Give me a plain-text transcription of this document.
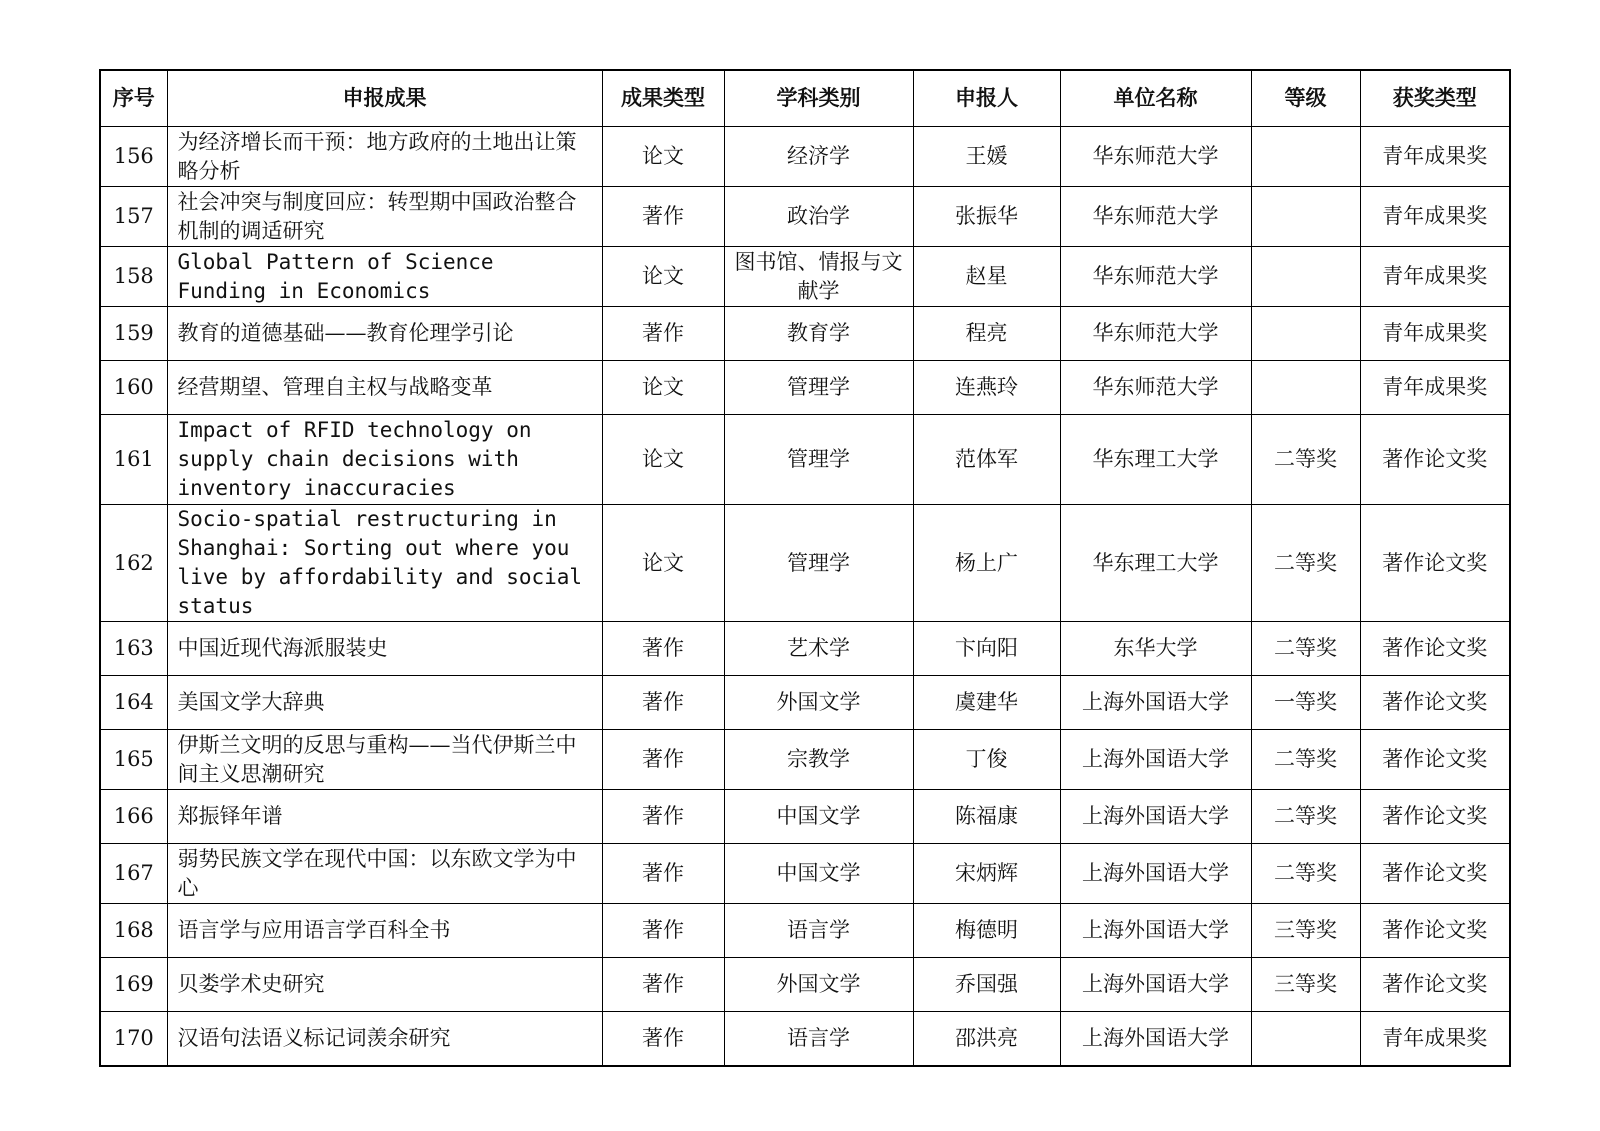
序号	申报成果	成果类型	学科类别	申报人	单位名称	等级	获奖类型
156	为经济增长而干预：地方政府的土地出让策略分析	论文	经济学	王媛	华东师范大学		青年成果奖
157	社会冲突与制度回应：转型期中国政治整合机制的调适研究	著作	政治学	张振华	华东师范大学		青年成果奖
158	Global Pattern of Science Funding in Economics	论文	图书馆、情报与文献学	赵星	华东师范大学		青年成果奖
159	教育的道德基础——教育伦理学引论	著作	教育学	程亮	华东师范大学		青年成果奖
160	经营期望、管理自主权与战略变革	论文	管理学	连燕玲	华东师范大学		青年成果奖
161	Impact of RFID technology on supply chain decisions with inventory inaccuracies	论文	管理学	范体军	华东理工大学	二等奖	著作论文奖
162	Socio-spatial restructuring in Shanghai: Sorting out where you live by affordability and social status	论文	管理学	杨上广	华东理工大学	二等奖	著作论文奖
163	中国近现代海派服装史	著作	艺术学	卞向阳	东华大学	二等奖	著作论文奖
164	美国文学大辞典	著作	外国文学	虞建华	上海外国语大学	一等奖	著作论文奖
165	伊斯兰文明的反思与重构——当代伊斯兰中间主义思潮研究	著作	宗教学	丁俊	上海外国语大学	二等奖	著作论文奖
166	郑振铎年谱	著作	中国文学	陈福康	上海外国语大学	二等奖	著作论文奖
167	弱势民族文学在现代中国：以东欧文学为中心	著作	中国文学	宋炳辉	上海外国语大学	二等奖	著作论文奖
168	语言学与应用语言学百科全书	著作	语言学	梅德明	上海外国语大学	三等奖	著作论文奖
169	贝娄学术史研究	著作	外国文学	乔国强	上海外国语大学	三等奖	著作论文奖
170	汉语句法语义标记词羡余研究	著作	语言学	邵洪亮	上海外国语大学		青年成果奖
